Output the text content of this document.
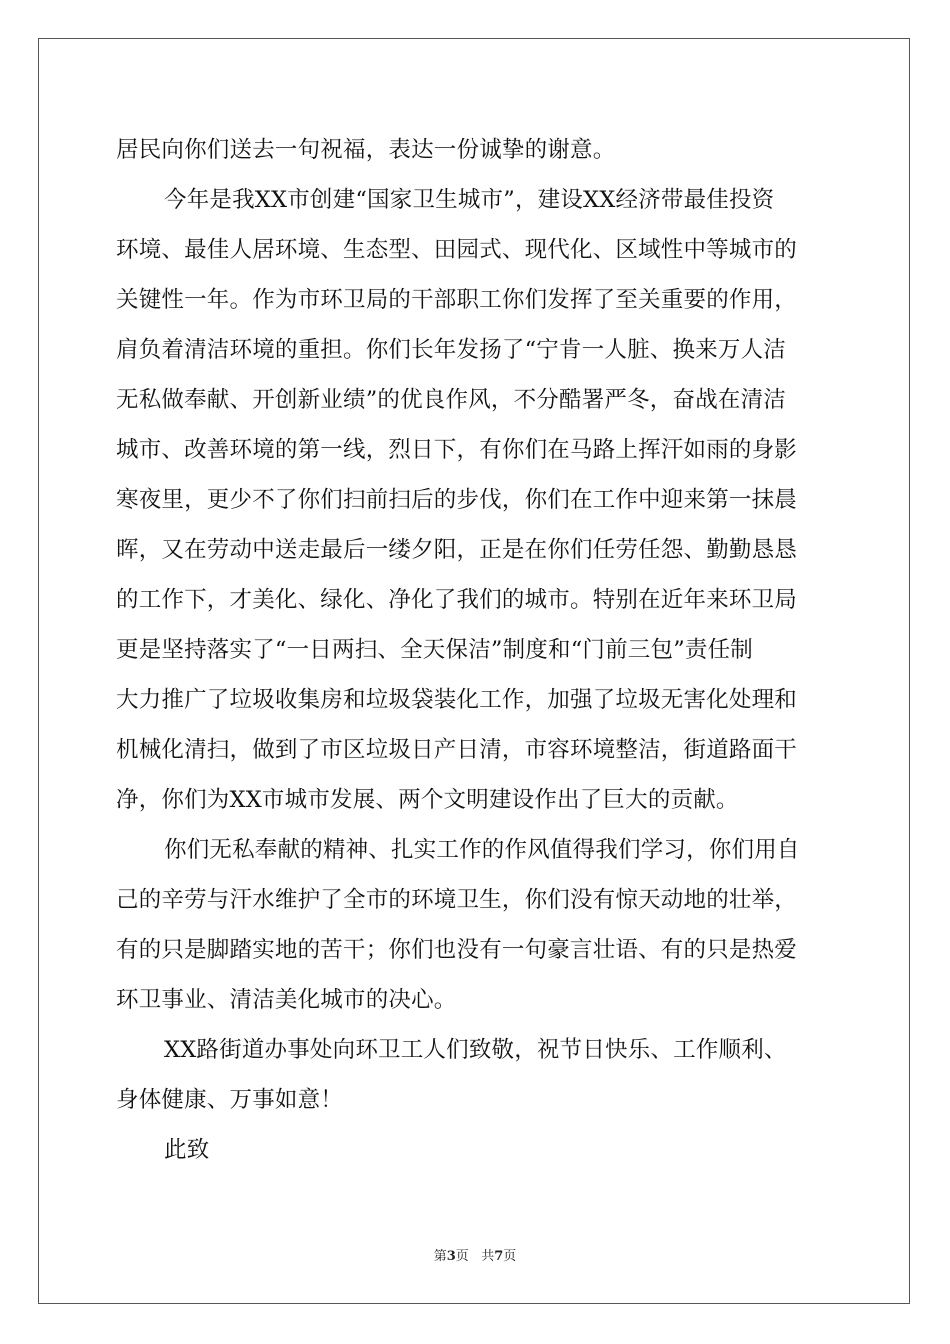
居民向你们送去一句祝福，表达一份诚挚的谢意。
今年是我XX市创建“国家卫生城市”，建设XX经济带最佳投资
环境、最佳人居环境、生态型、田园式、现代化、区域性中等城市的
关键性一年。作为市环卫局的干部职工你们发挥了至关重要的作用，
肩负着清洁环境的重担。你们长年发扬了“宁肯一人脏、换来万人洁
无私做奉献、开创新业绩”的优良作风，不分酷署严冬，奋战在清洁
城市、改善环境的第一线，烈日下，有你们在马路上挥汗如雨的身影
寒夜里，更少不了你们扫前扫后的步伐，你们在工作中迎来第一抹晨
晖，又在劳动中送走最后一缕夕阳，正是在你们任劳任怨、勤勤恳恳
的工作下，才美化、绿化、净化了我们的城市。特别在近年来环卫局
更是坚持落实了“一日两扫、全天保洁”制度和“门前三包”责任制
大力推广了垃圾收集房和垃圾袋装化工作，加强了垃圾无害化处理和
机械化清扫，做到了市区垃圾日产日清，市容环境整洁，街道路面干
净，你们为XX市城市发展、两个文明建设作出了巨大的贡献。
你们无私奉献的精神、扎实工作的作风值得我们学习，你们用自
己的辛劳与汗水维护了全市的环境卫生，你们没有惊天动地的壮举，
有的只是脚踏实地的苦干；你们也没有一句豪言壮语、有的只是热爱
环卫事业、清洁美化城市的决心。
XX路街道办事处向环卫工人们致敬，祝节日快乐、工作顺利、
身体健康、万事如意！
此致
第3页 共7页
